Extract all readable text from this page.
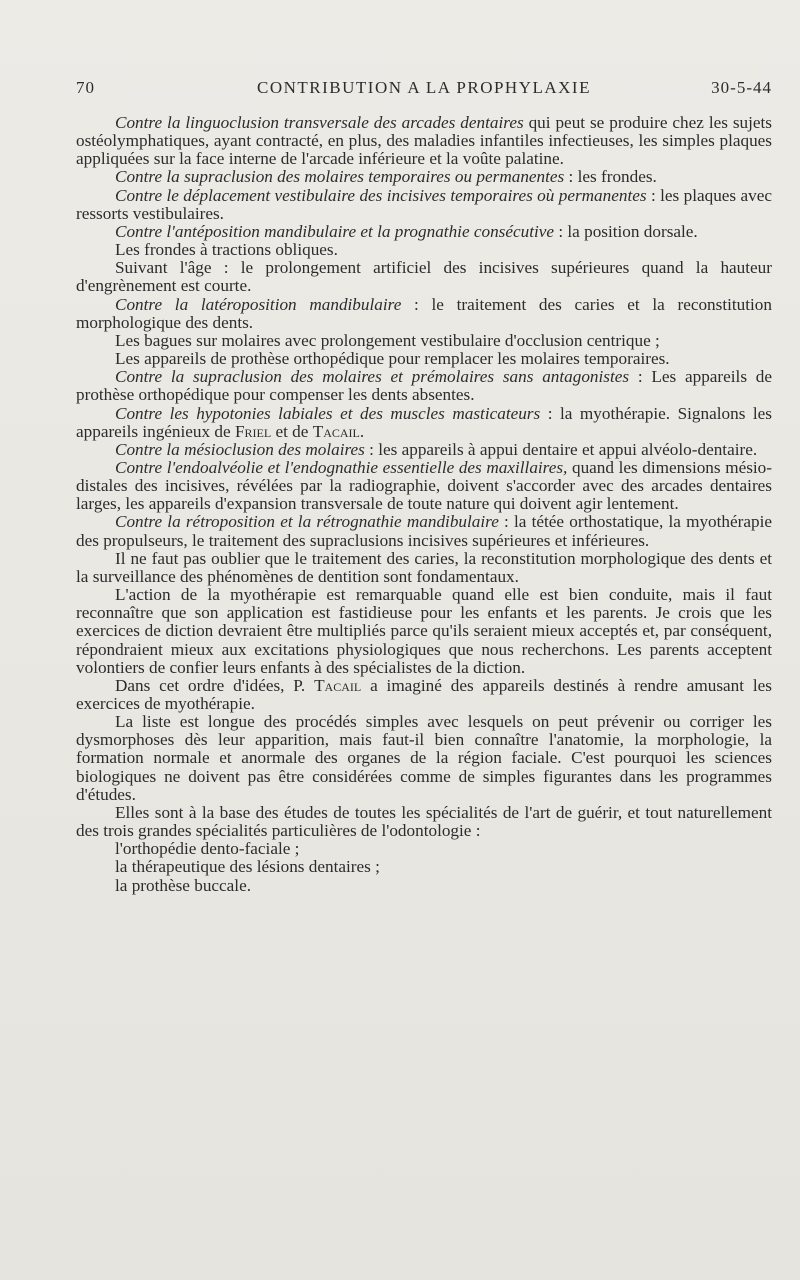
70	CONTRIBUTION A LA PROPHYLAXIE	30-5-44

Contre la linguoclusion transversale des arcades dentaires qui peut se produire chez les sujets ostéolymphatiques, ayant contracté, en plus, des maladies infantiles infectieuses, les simples plaques appliquées sur la face interne de l'arcade inférieure et la voûte palatine.

Contre la supraclusion des molaires temporaires ou permanentes : les frondes.

Contre le déplacement vestibulaire des incisives temporaires où permanentes : les plaques avec ressorts vestibulaires.

Contre l'antéposition mandibulaire et la prognathie consécutive : la position dorsale.

Les frondes à tractions obliques.

Suivant l'âge : le prolongement artificiel des incisives supérieures quand la hauteur d'engrènement est courte.

Contre la latéroposition mandibulaire : le traitement des caries et la reconstitution morphologique des dents.

Les bagues sur molaires avec prolongement vestibulaire d'occlusion centrique ;

Les appareils de prothèse orthopédique pour remplacer les molaires temporaires.

Contre la supraclusion des molaires et prémolaires sans antagonistes : Les appareils de prothèse orthopédique pour compenser les dents absentes.

Contre les hypotonies labiales et des muscles masticateurs : la myothérapie. Signalons les appareils ingénieux de Friel et de Tacail.

Contre la mésioclusion des molaires : les appareils à appui dentaire et appui alvéolo-dentaire.

Contre l'endoalvéolie et l'endognathie essentielle des maxillaires, quand les dimensions mésio-distales des incisives, révélées par la radiographie, doivent s'accorder avec des arcades dentaires larges, les appareils d'expansion transversale de toute nature qui doivent agir lentement.

Contre la rétroposition et la rétrognathie mandibulaire : la tétée orthostatique, la myothérapie des propulseurs, le traitement des supraclusions incisives supérieures et inférieures.

Il ne faut pas oublier que le traitement des caries, la reconstitution morphologique des dents et la surveillance des phénomènes de dentition sont fondamentaux.

L'action de la myothérapie est remarquable quand elle est bien conduite, mais il faut reconnaître que son application est fastidieuse pour les enfants et les parents. Je crois que les exercices de diction devraient être multipliés parce qu'ils seraient mieux acceptés et, par conséquent, répondraient mieux aux excitations physiologiques que nous recherchons. Les parents acceptent volontiers de confier leurs enfants à des spécialistes de la diction.

Dans cet ordre d'idées, P. Tacail a imaginé des appareils destinés à rendre amusant les exercices de myothérapie.

La liste est longue des procédés simples avec lesquels on peut prévenir ou corriger les dysmorphoses dès leur apparition, mais faut-il bien connaître l'anatomie, la morphologie, la formation normale et anormale des organes de la région faciale. C'est pourquoi les sciences biologiques ne doivent pas être considérées comme de simples figurantes dans les programmes d'études.

Elles sont à la base des études de toutes les spécialités de l'art de guérir, et tout naturellement des trois grandes spécialités particulières de l'odontologie :

l'orthopédie dento-faciale ;

la thérapeutique des lésions dentaires ;

la prothèse buccale.
